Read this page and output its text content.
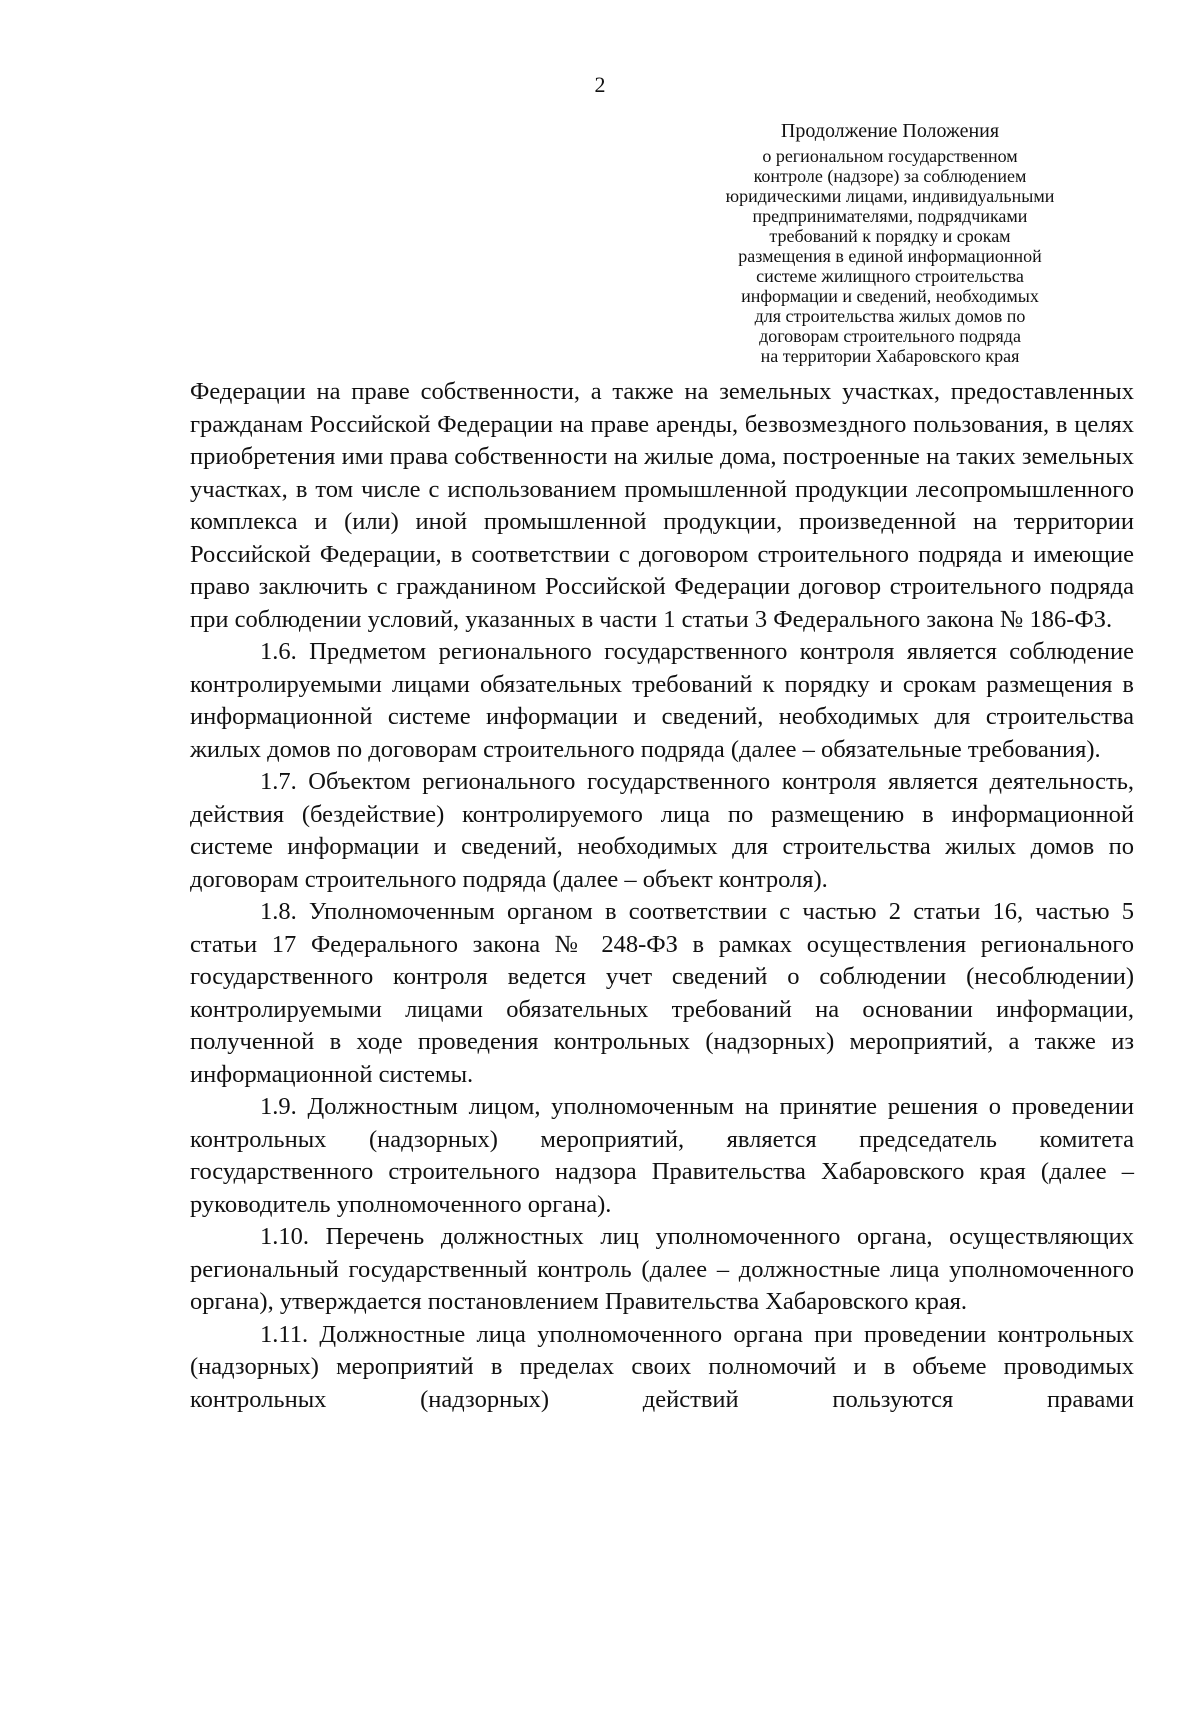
2
Продолжение Положения
о региональном государственном
контроле (надзоре) за соблюдением
юридическими лицами, индивидуальными
предпринимателями, подрядчиками
требований к порядку и срокам
размещения в единой информационной
системе жилищного строительства
информации и сведений, необходимых
для строительства жилых домов по
договорам строительного подряда
на территории Хабаровского края

Федерации на праве собственности, а также на земельных участках, предоставленных гражданам Российской Федерации на праве аренды, безвозмездного пользования, в целях приобретения ими права собственности на жилые дома, построенные на таких земельных участках, в том числе с использованием промышленной продукции лесопромышленного комплекса и (или) иной промышленной продукции, произведенной на территории Российской Федерации, в соответствии с договором строительного подряда и имеющие право заключить с гражданином Российской Федерации договор строительного подряда при соблюдении условий, указанных в части 1 статьи 3 Федерального закона № 186-ФЗ.

1.6. Предметом регионального государственного контроля является соблюдение контролируемыми лицами обязательных требований к порядку и срокам размещения в информационной системе информации и сведений, необходимых для строительства жилых домов по договорам строительного подряда (далее – обязательные требования).

1.7. Объектом регионального государственного контроля является деятельность, действия (бездействие) контролируемого лица по размещению в информационной системе информации и сведений, необходимых для строительства жилых домов по договорам строительного подряда (далее – объект контроля).

1.8. Уполномоченным органом в соответствии с частью 2 статьи 16, частью 5 статьи 17 Федерального закона № 248-ФЗ в рамках осуществления регионального государственного контроля ведется учет сведений о соблюдении (несоблюдении) контролируемыми лицами обязательных требований на основании информации, полученной в ходе проведения контрольных (надзорных) мероприятий, а также из информационной системы.

1.9. Должностным лицом, уполномоченным на принятие решения о проведении контрольных (надзорных) мероприятий, является председатель комитета государственного строительного надзора Правительства Хабаровского края (далее – руководитель уполномоченного органа).

1.10. Перечень должностных лиц уполномоченного органа, осуществляющих региональный государственный контроль (далее – должностные лица уполномоченного органа), утверждается постановлением Правительства Хабаровского края.

1.11. Должностные лица уполномоченного органа при проведении контрольных (надзорных) мероприятий в пределах своих полномочий и в объеме проводимых контрольных (надзорных) действий пользуются правами
